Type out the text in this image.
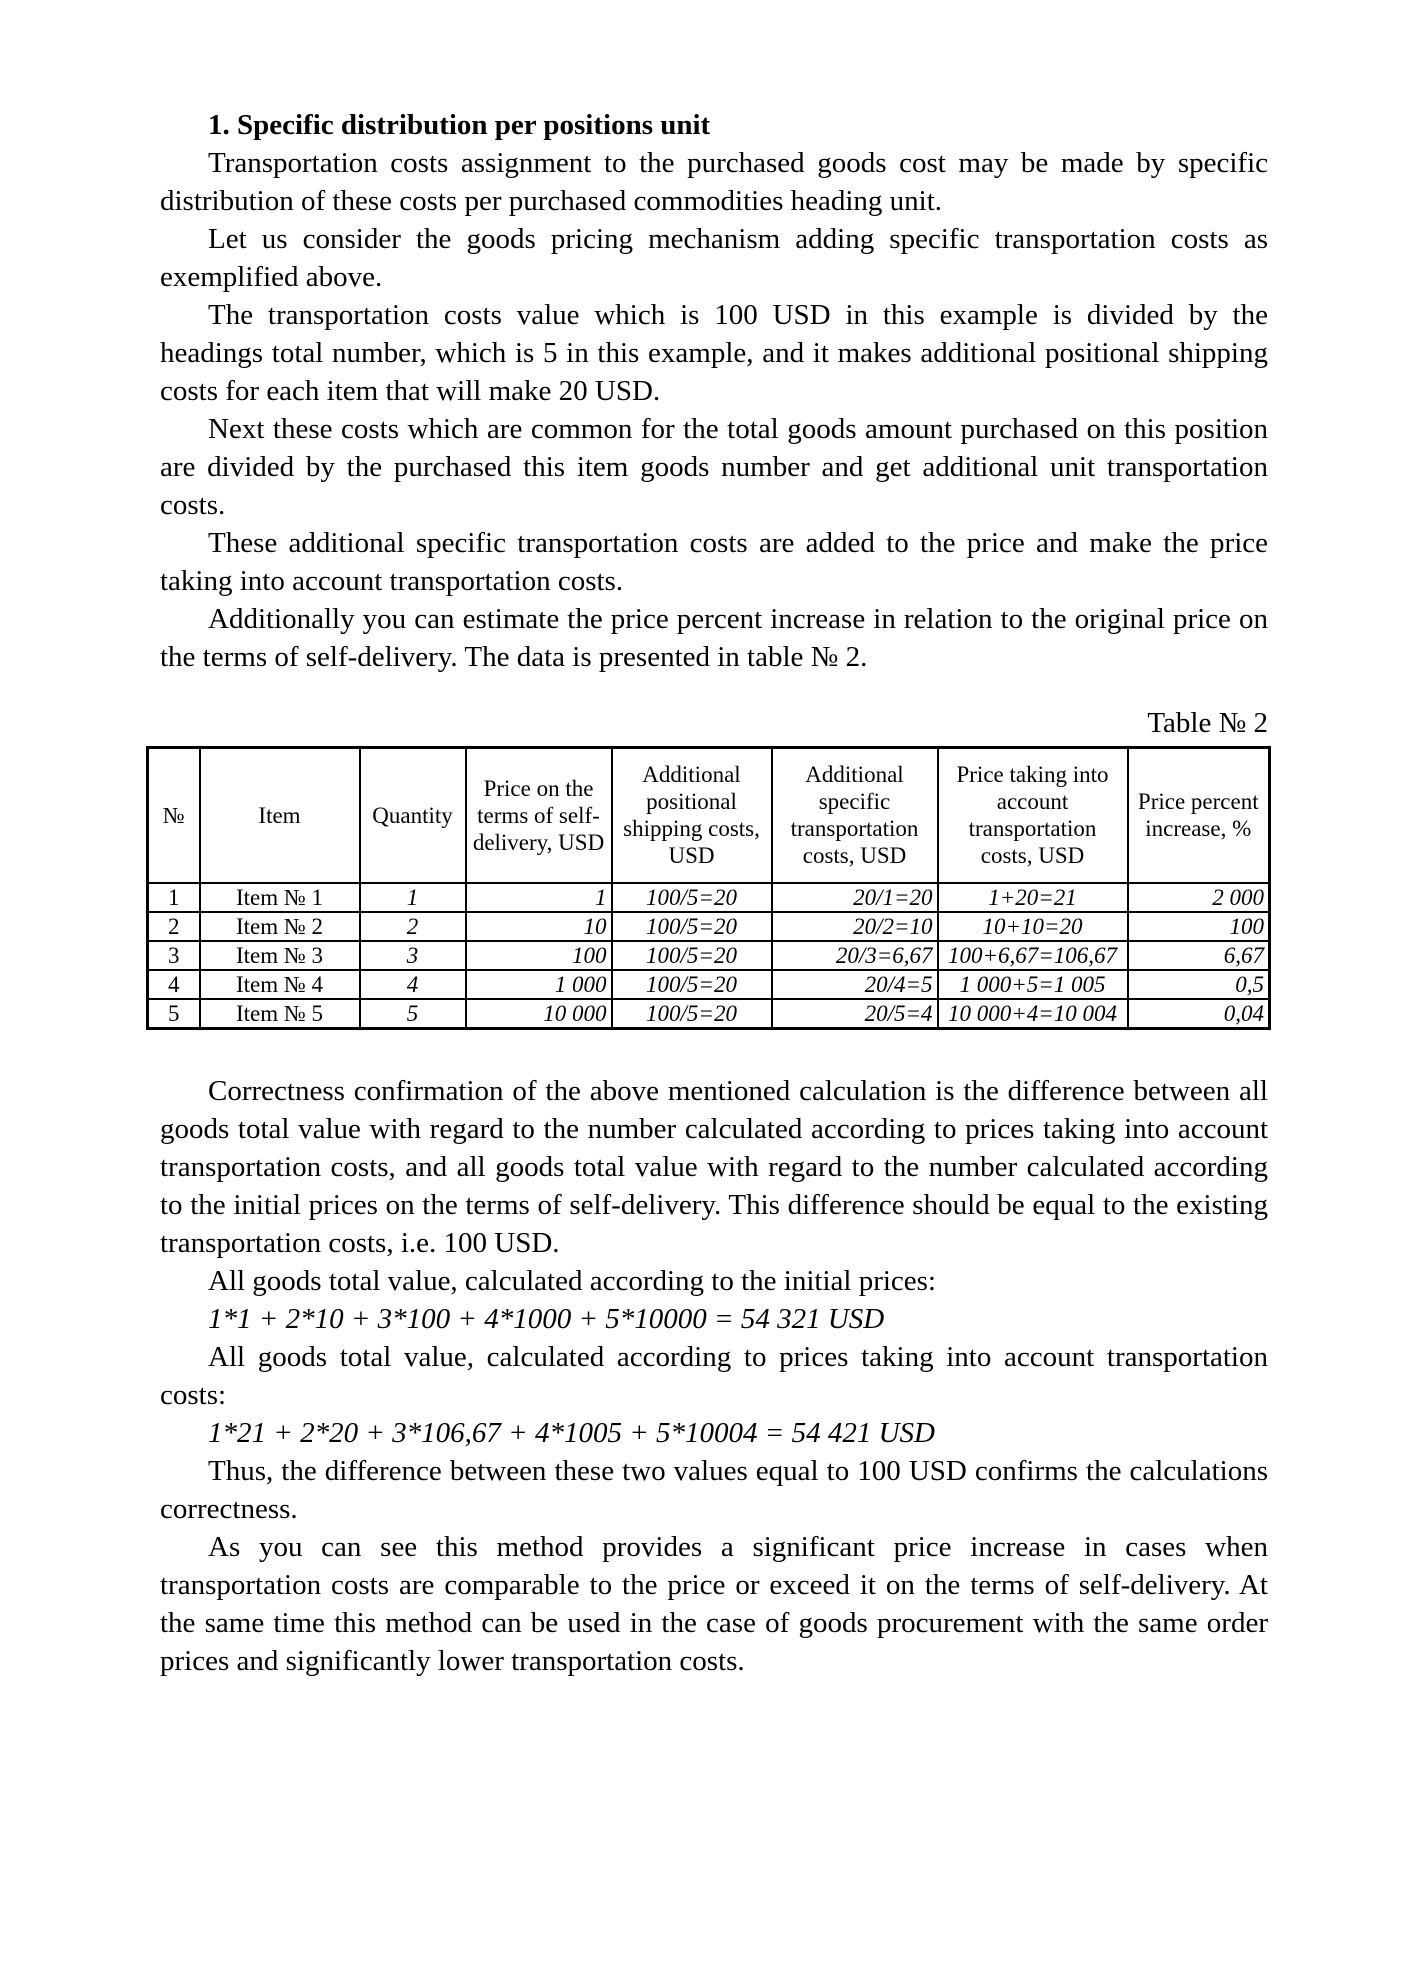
1. Specific distribution per positions unit

Transportation costs assignment to the purchased goods cost may be made by specific distribution of these costs per purchased commodities heading unit.

Let us consider the goods pricing mechanism adding specific transportation costs as exemplified above.

The transportation costs value which is 100 USD in this example is divided by the headings total number, which is 5 in this example, and it makes additional positional shipping costs for each item that will make 20 USD.

Next these costs which are common for the total goods amount purchased on this position are divided by the purchased this item goods number and get additional unit transportation costs.

These additional specific transportation costs are added to the price and make the price taking into account transportation costs.

Additionally you can estimate the price percent increase in relation to the original price on the terms of self-delivery. The data is presented in table № 2.

Table № 2

№	Item	Quantity	Price on the terms of self-delivery, USD	Additional positional shipping costs, USD	Additional specific transportation costs, USD	Price taking into account transportation costs, USD	Price percent increase, %
1	Item № 1	1	1	100/5=20	20/1=20	1+20=21	2 000
2	Item № 2	2	10	100/5=20	20/2=10	10+10=20	100
3	Item № 3	3	100	100/5=20	20/3=6,67	100+6,67=106,67	6,67
4	Item № 4	4	1 000	100/5=20	20/4=5	1 000+5=1 005	0,5
5	Item № 5	5	10 000	100/5=20	20/5=4	10 000+4=10 004	0,04

Correctness confirmation of the above mentioned calculation is the difference between all goods total value with regard to the number calculated according to prices taking into account transportation costs, and all goods total value with regard to the number calculated according to the initial prices on the terms of self-delivery. This difference should be equal to the existing transportation costs, i.e. 100 USD.

All goods total value, calculated according to the initial prices:

1*1 + 2*10 + 3*100 + 4*1000 + 5*10000 = 54 321 USD

All goods total value, calculated according to prices taking into account transportation costs:

1*21 + 2*20 + 3*106,67 + 4*1005 + 5*10004 = 54 421 USD

Thus, the difference between these two values equal to 100 USD confirms the calculations correctness.

As you can see this method provides a significant price increase in cases when transportation costs are comparable to the price or exceed it on the terms of self-delivery. At the same time this method can be used in the case of goods procurement with the same order prices and significantly lower transportation costs.
